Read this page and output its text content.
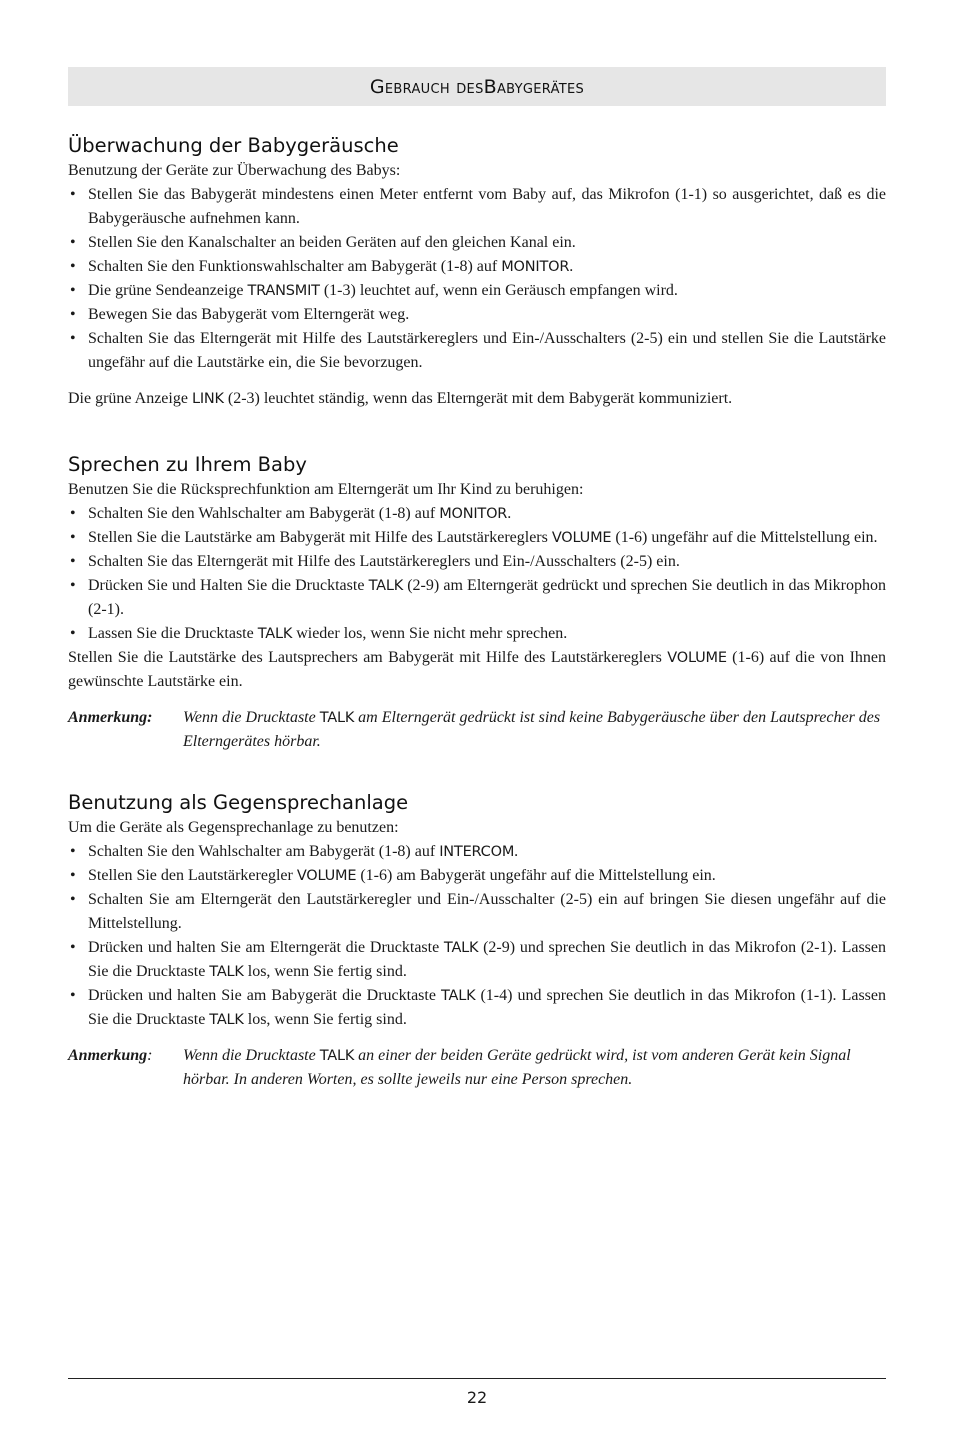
G ebrauch des B abygerätes
Überwachung der Babygeräusche

Benutzung der Geräte zur Überwachung des Babys:

• Stellen Sie das Babygerät mindestens einen Meter entfernt vom Baby auf, das Mikrofon (1-1) so ausgerichtet, daß es die Babygeräusche aufnehmen kann.
• Stellen Sie den Kanalschalter an beiden Geräten auf den gleichen Kanal ein.
• Schalten Sie den Funktionswahlschalter am Babygerät (1-8) auf MONITOR.
• Die grüne Sendeanzeige TRANSMIT (1-3) leuchtet auf, wenn ein Geräusch empfangen wird.
• Bewegen Sie das Babygerät vom Elterngerät weg.
• Schalten Sie das Elterngerät mit Hilfe des Lautstärkereglers und Ein-/Ausschalters (2-5) ein und stellen Sie die Lautstärke ungefähr auf die Lautstärke ein, die Sie bevorzugen.

Die grüne Anzeige LINK (2-3) leuchtet ständig, wenn das Elterngerät mit dem Babygerät kommuniziert.

Sprechen zu Ihrem Baby

Benutzen Sie die Rücksprechfunktion am Elterngerät um Ihr Kind zu beruhigen:

• Schalten Sie den Wahlschalter am Babygerät (1-8) auf MONITOR.
• Stellen Sie die Lautstärke am Babygerät mit Hilfe des Lautstärkereglers VOLUME (1-6) ungefähr auf die Mittelstellung ein.
• Schalten Sie das Elterngerät mit Hilfe des Lautstärkereglers und Ein-/Ausschalters (2-5) ein.
• Drücken Sie und Halten Sie die Drucktaste TALK (2-9) am Elterngerät gedrückt und sprechen Sie deutlich in das Mikrophon (2-1).
• Lassen Sie die Drucktaste TALK wieder los, wenn Sie nicht mehr sprechen.

Stellen Sie die Lautstärke des Lautsprechers am Babygerät mit Hilfe des Lautstärkereglers VOLUME (1-6) auf die von Ihnen gewünschte Lautstärke ein.

Anmerkung:	Wenn die Drucktaste TALK am Elterngerät gedrückt ist sind keine Babygeräusche über den Lautsprecher des Elterngerätes hörbar.
Benutzung als Gegensprechanlage

Um die Geräte als Gegensprechanlage zu benutzen:

• Schalten Sie den Wahlschalter am Babygerät (1-8) auf INTERCOM.
• Stellen Sie den Lautstärkeregler VOLUME (1-6) am Babygerät ungefähr auf die Mittelstellung ein.
• Schalten Sie am Elterngerät den Lautstärkeregler und Ein-/Ausschalter (2-5) ein auf bringen Sie diesen ungefähr auf die Mittelstellung.
• Drücken und halten Sie am Elterngerät die Drucktaste TALK (2-9) und sprechen Sie deutlich in das Mikrofon (2-1). Lassen Sie die Drucktaste TALK los, wenn Sie fertig sind.
• Drücken und halten Sie am Babygerät die Drucktaste TALK (1-4) und sprechen Sie deutlich in das Mikrofon (1-1). Lassen Sie die Drucktaste TALK los, wenn Sie fertig sind.
Anmerkung:	Wenn die Drucktaste TALK an einer der beiden Geräte gedrückt wird, ist vom anderen Gerät kein Signal hörbar. In anderen Worten, es sollte jeweils nur eine Person sprechen.
22
